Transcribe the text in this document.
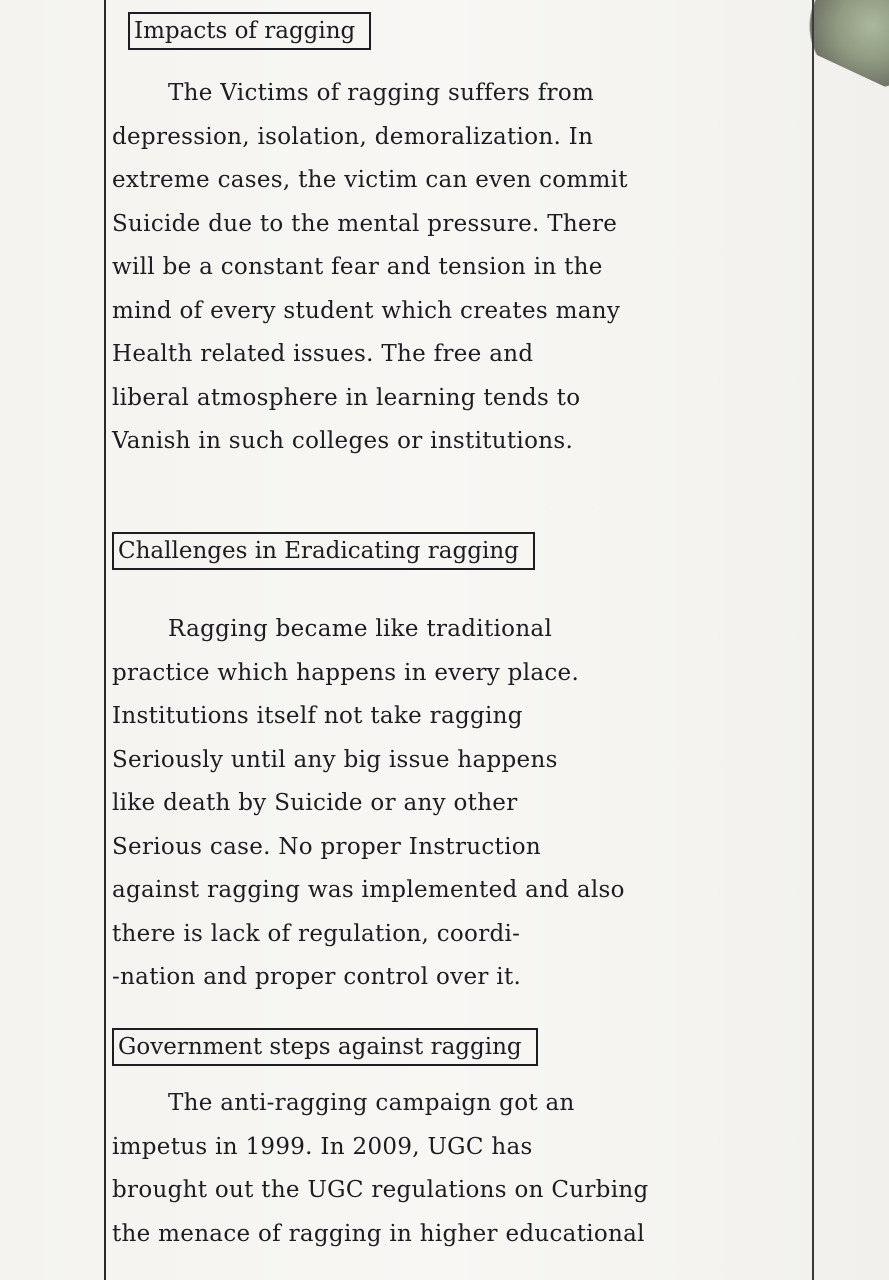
Impacts of ragging
The Victims of ragging suffers from
depression, isolation, demoralization. In
extreme cases, the victim can even commit
Suicide due to the mental pressure. There
will be a constant fear and tension in the
mind of every student which creates many
Health related issues. The free and
liberal atmosphere in learning tends to
Vanish in such colleges or institutions.
Challenges in Eradicating ragging
Ragging became like traditional
practice which happens in every place.
Institutions itself not take ragging
Seriously until any big issue happens
like death by Suicide or any other
Serious case. No proper Instruction
against ragging was implemented and also
there is lack of regulation, coordi-
-nation and proper control over it.
Government steps against ragging
The anti-ragging campaign got an
impetus in 1999. In 2009, UGC has
brought out the UGC regulations on Curbing
the menace of ragging in higher educational
